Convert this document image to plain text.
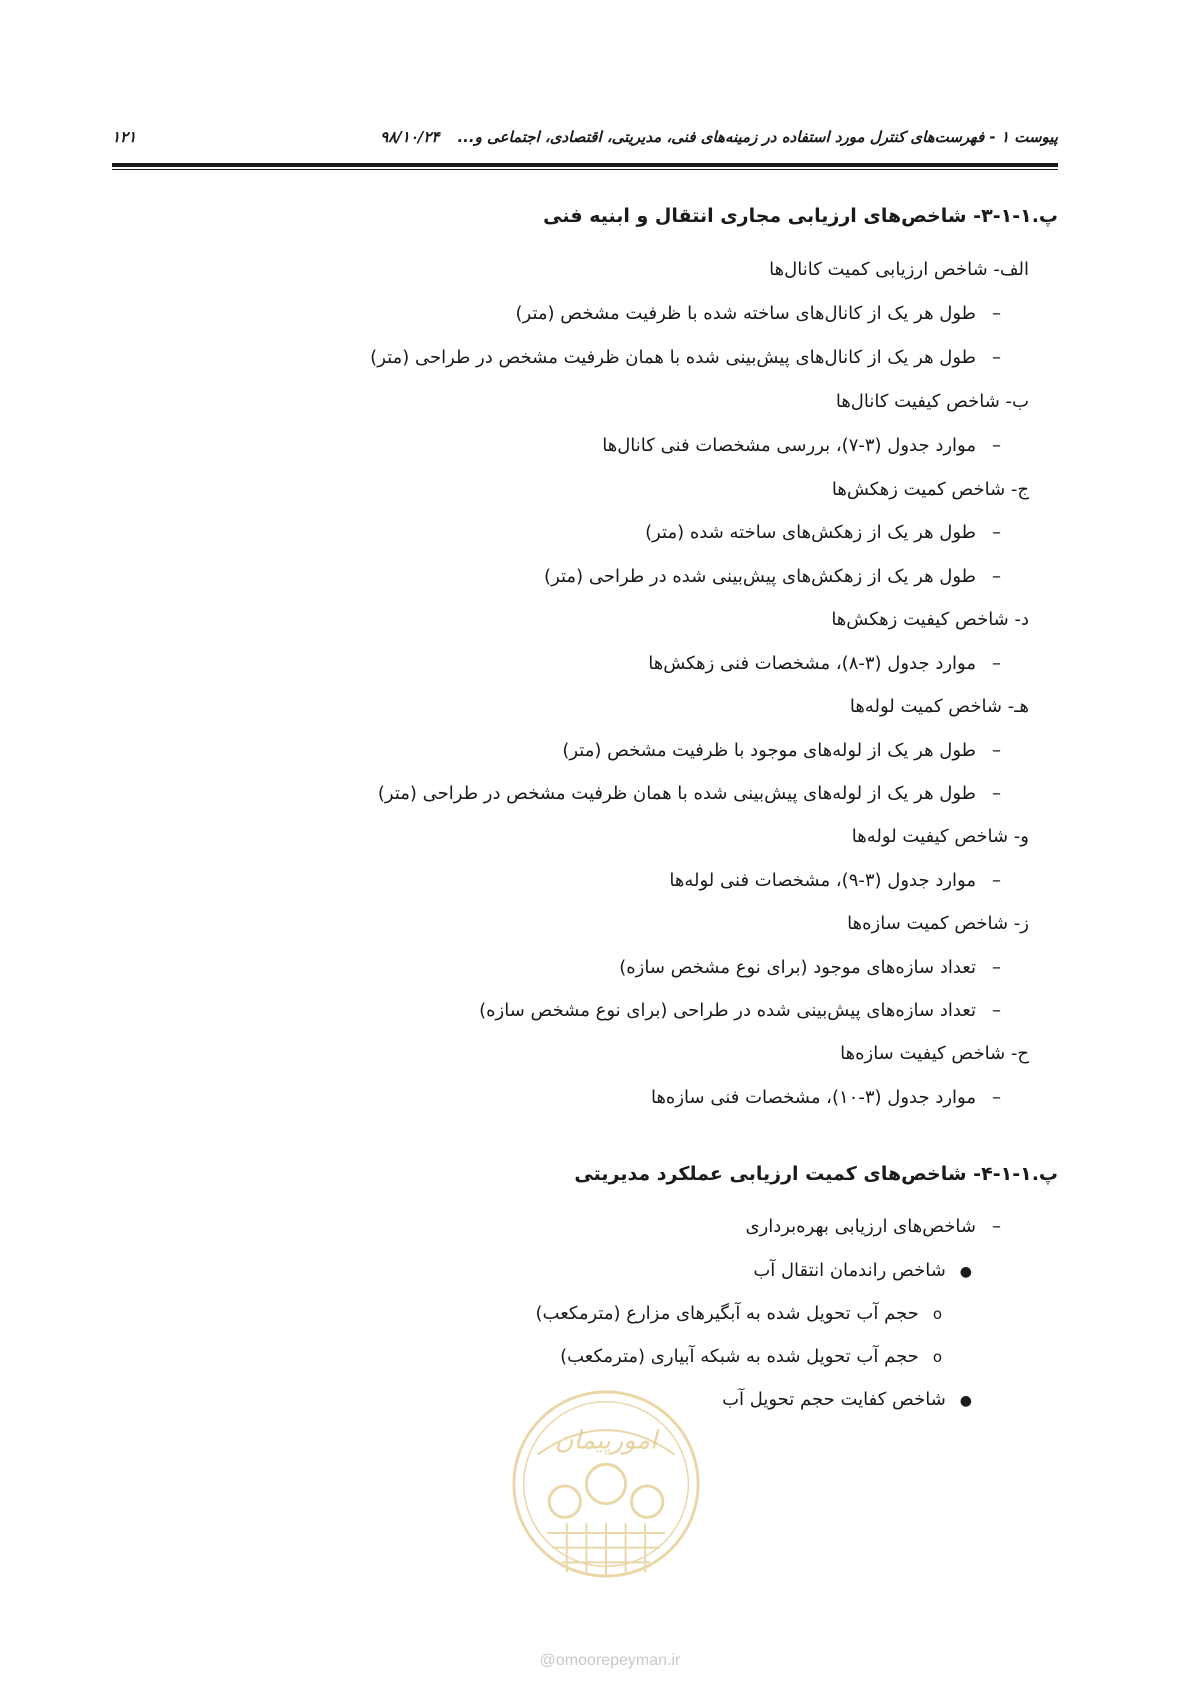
پیوست ۱ - فهرست‌های کنترل مورد استفاده در زمینه‌های فنی، مدیریتی، اقتصادی، اجتماعی و...۹۸/۱۰/۲۴
۱۲۱
پ.۱-۱-۳- شاخص‌های ارزیابی مجاری انتقال و ابنیه فنی
الف- شاخص ارزیابی کمیت کانال‌ها
–طول هر یک از کانال‌های ساخته شده با ظرفیت مشخص (متر)
–طول هر یک از کانال‌های پیش‌بینی شده با همان ظرفیت مشخص در طراحی (متر)
ب- شاخص کیفیت کانال‌ها
–موارد جدول (۳-۷)، بررسی مشخصات فنی کانال‌ها
ج- شاخص کمیت زهکش‌ها
–طول هر یک از زهکش‌های ساخته شده (متر)
–طول هر یک از زهکش‌های پیش‌بینی شده در طراحی (متر)
د- شاخص کیفیت زهکش‌ها
–موارد جدول (۳-۸)، مشخصات فنی زهکش‌ها
هـ- شاخص کمیت لوله‌ها
–طول هر یک از لوله‌های موجود با ظرفیت مشخص (متر)
–طول هر یک از لوله‌های پیش‌بینی شده با همان ظرفیت مشخص در طراحی (متر)
و- شاخص کیفیت لوله‌ها
–موارد جدول (۳-۹)، مشخصات فنی لوله‌ها
ز- شاخص کمیت سازه‌ها
–تعداد سازه‌های موجود (برای نوع مشخص سازه)
–تعداد سازه‌های پیش‌بینی شده در طراحی (برای نوع مشخص سازه)
ح- شاخص کیفیت سازه‌ها
–موارد جدول (۳-۱۰)، مشخصات فنی سازه‌ها
پ.۱-۱-۴- شاخص‌های کمیت ارزیابی عملکرد مدیریتی
–شاخص‌های ارزیابی بهره‌برداری
●شاخص راندمان انتقال آب
oحجم آب تحویل شده به آبگیرهای مزارع (مترمکعب)
oحجم آب تحویل شده به شبکه آبیاری (مترمکعب)
●شاخص کفایت حجم تحویل آب
امورپیمان
@omoorepeyman.ir
